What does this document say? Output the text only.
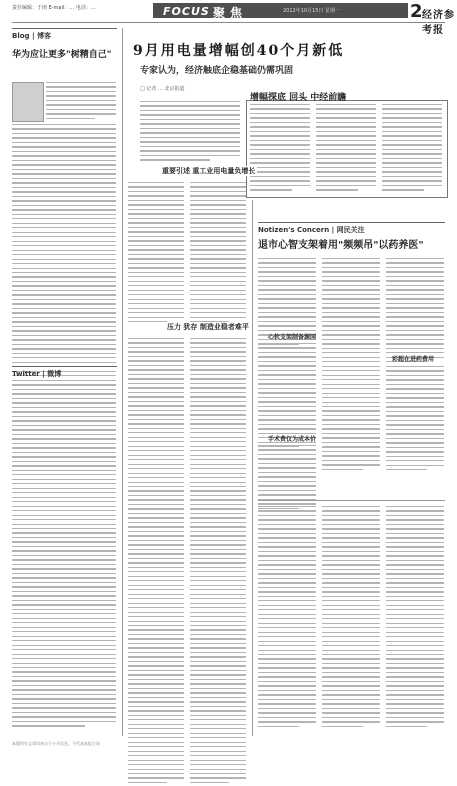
责任编辑：于雨 E-mail：… 电话：…	FOCUS 聚焦	2012年10月15日 星期一	2 经济参考报
Blog | 博客
华为应让更多"树精自己"
Twitter | 微博
9月用电量增幅创40个月新低
专家认为，经济触底企稳基础仍需巩固
□ 记者 … 北京报道
增幅探底 回头 中经前瞻
重要引述 重工业用电量负增长
压力 犹存 制造业稳者难平
Notizen's Concern | 网民关注
退市心智支架着用"频频吊"以药养医"
心软支架制备源国
手术费仅为成本价
彩超在进药费用
本版所有文章均来自于公开信息，不代表本报立场
